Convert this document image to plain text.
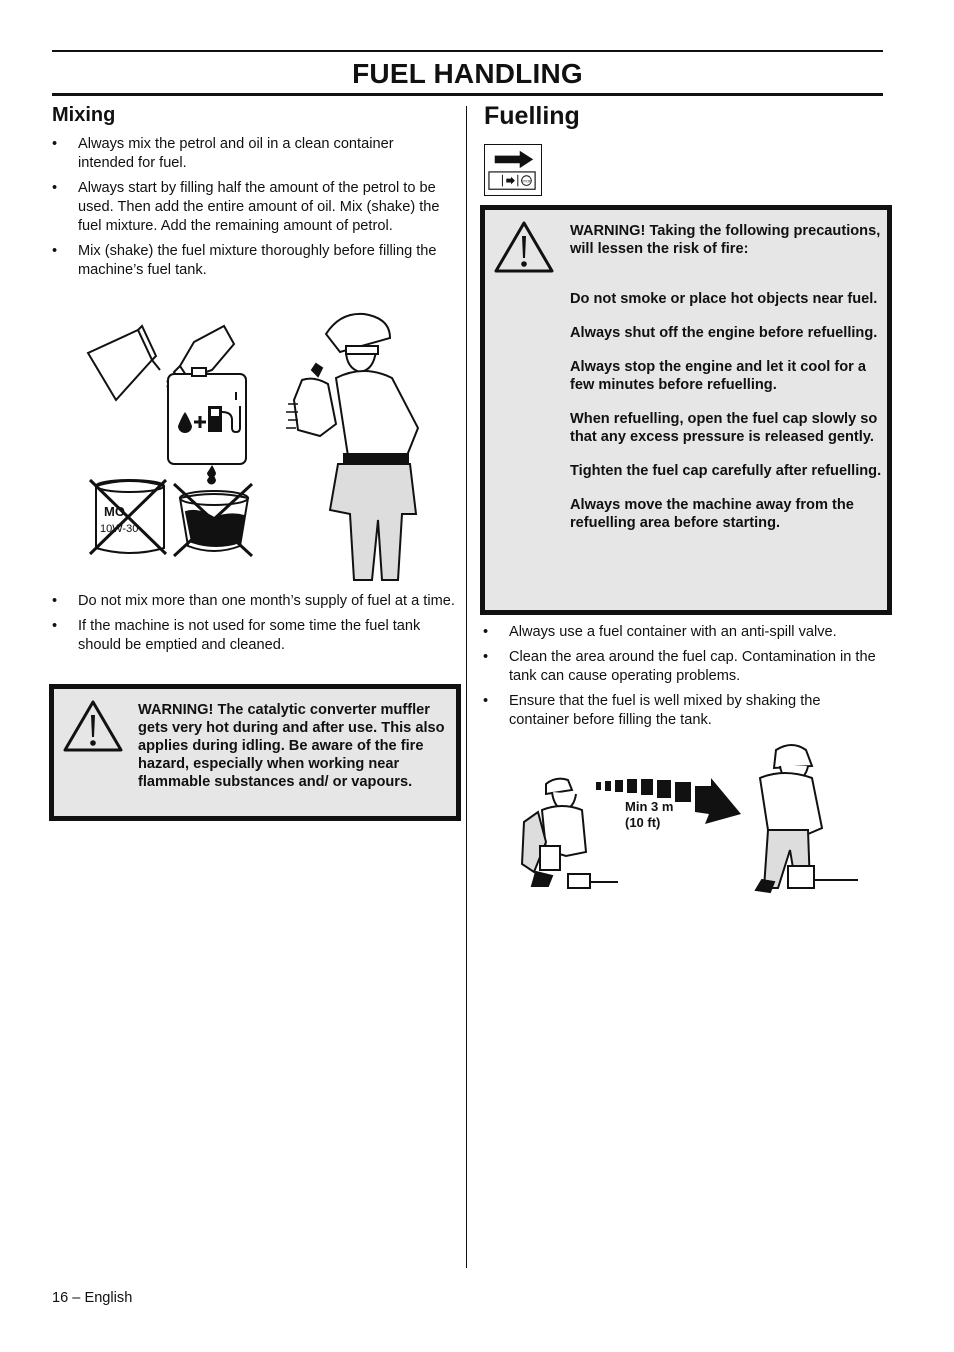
FUEL HANDLING
Mixing
• Always mix the petrol and oil in a clean container intended for fuel.
• Always start by filling half the amount of the petrol to be used. Then add the entire amount of oil. Mix (shake) the fuel mixture. Add the remaining amount of petrol.
• Mix (shake) the fuel mixture thoroughly before filling the machine’s fuel tank.
MO
10W-30
• Do not mix more than one month’s supply of fuel at a time.
• If the machine is not used for some time the fuel tank should be emptied and cleaned.
WARNING! The catalytic converter muffler gets very hot during and after use. This also applies during idling. Be aware of the fire hazard, especially when working near flammable substances and/ or vapours.
Fuelling
STOP

WARNING! Taking the following precautions, will lessen the risk of fire:

Do not smoke or place hot objects near fuel.

Always shut off the engine before refuelling.

Always stop the engine and let it cool for a few minutes before refuelling.

When refuelling, open the fuel cap slowly so that any excess pressure is released gently.

Tighten the fuel cap carefully after refuelling.

Always move the machine away from the refuelling area before starting.

• Always use a fuel container with an anti-spill valve.
• Clean the area around the fuel cap. Contamination in the tank can cause operating problems.
• Ensure that the fuel is well mixed by shaking the container before filling the tank.
Min 3 m
(10 ft)
16 – English
